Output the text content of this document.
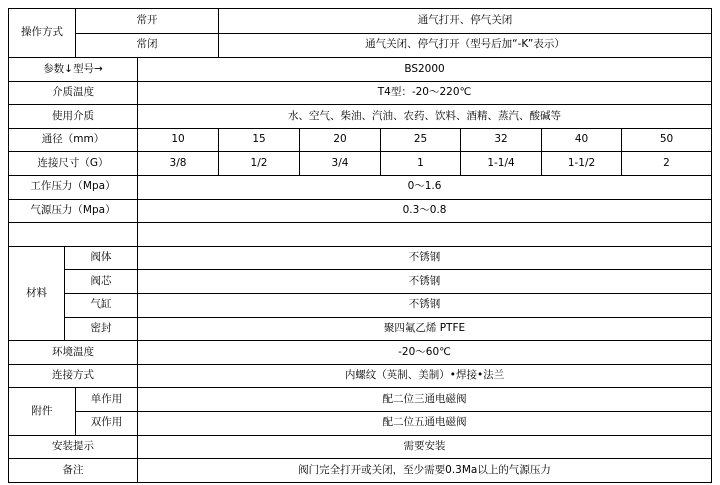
操作方式		常开		通气打开、停气关闭					
		常闭		通气关闭、停气打开（型号后加“-K”表示）					
参数↓型号→			BS2000						
介质温度			T4型：-20～220℃						
使用介质			水、空气、柴油、汽油、农药、饮料、酒精、蒸汽、酸碱等						
通径（mm）			10	15	20	25	32	40	50
连接尺寸（G）			3/8	1/2	3/4	1	1-1/4	1-1/2	2
工作压力（Mpa）			0～1.6						
气源压力（Mpa）			0.3～0.8						

材料	阀体		不锈钢						
	阀芯		不锈钢						
	气缸		不锈钢						
	密封		聚四氟乙烯 PTFE						
环境温度			-20～60℃						
连接方式			内螺纹（英制、美制）•焊接•法兰						
附件		单作用	配二位三通电磁阀						
		双作用	配二位五通电磁阀						
安装提示			需要安装						
备注			阀门完全打开或关闭，至少需要0.3Ma以上的气源压力						
